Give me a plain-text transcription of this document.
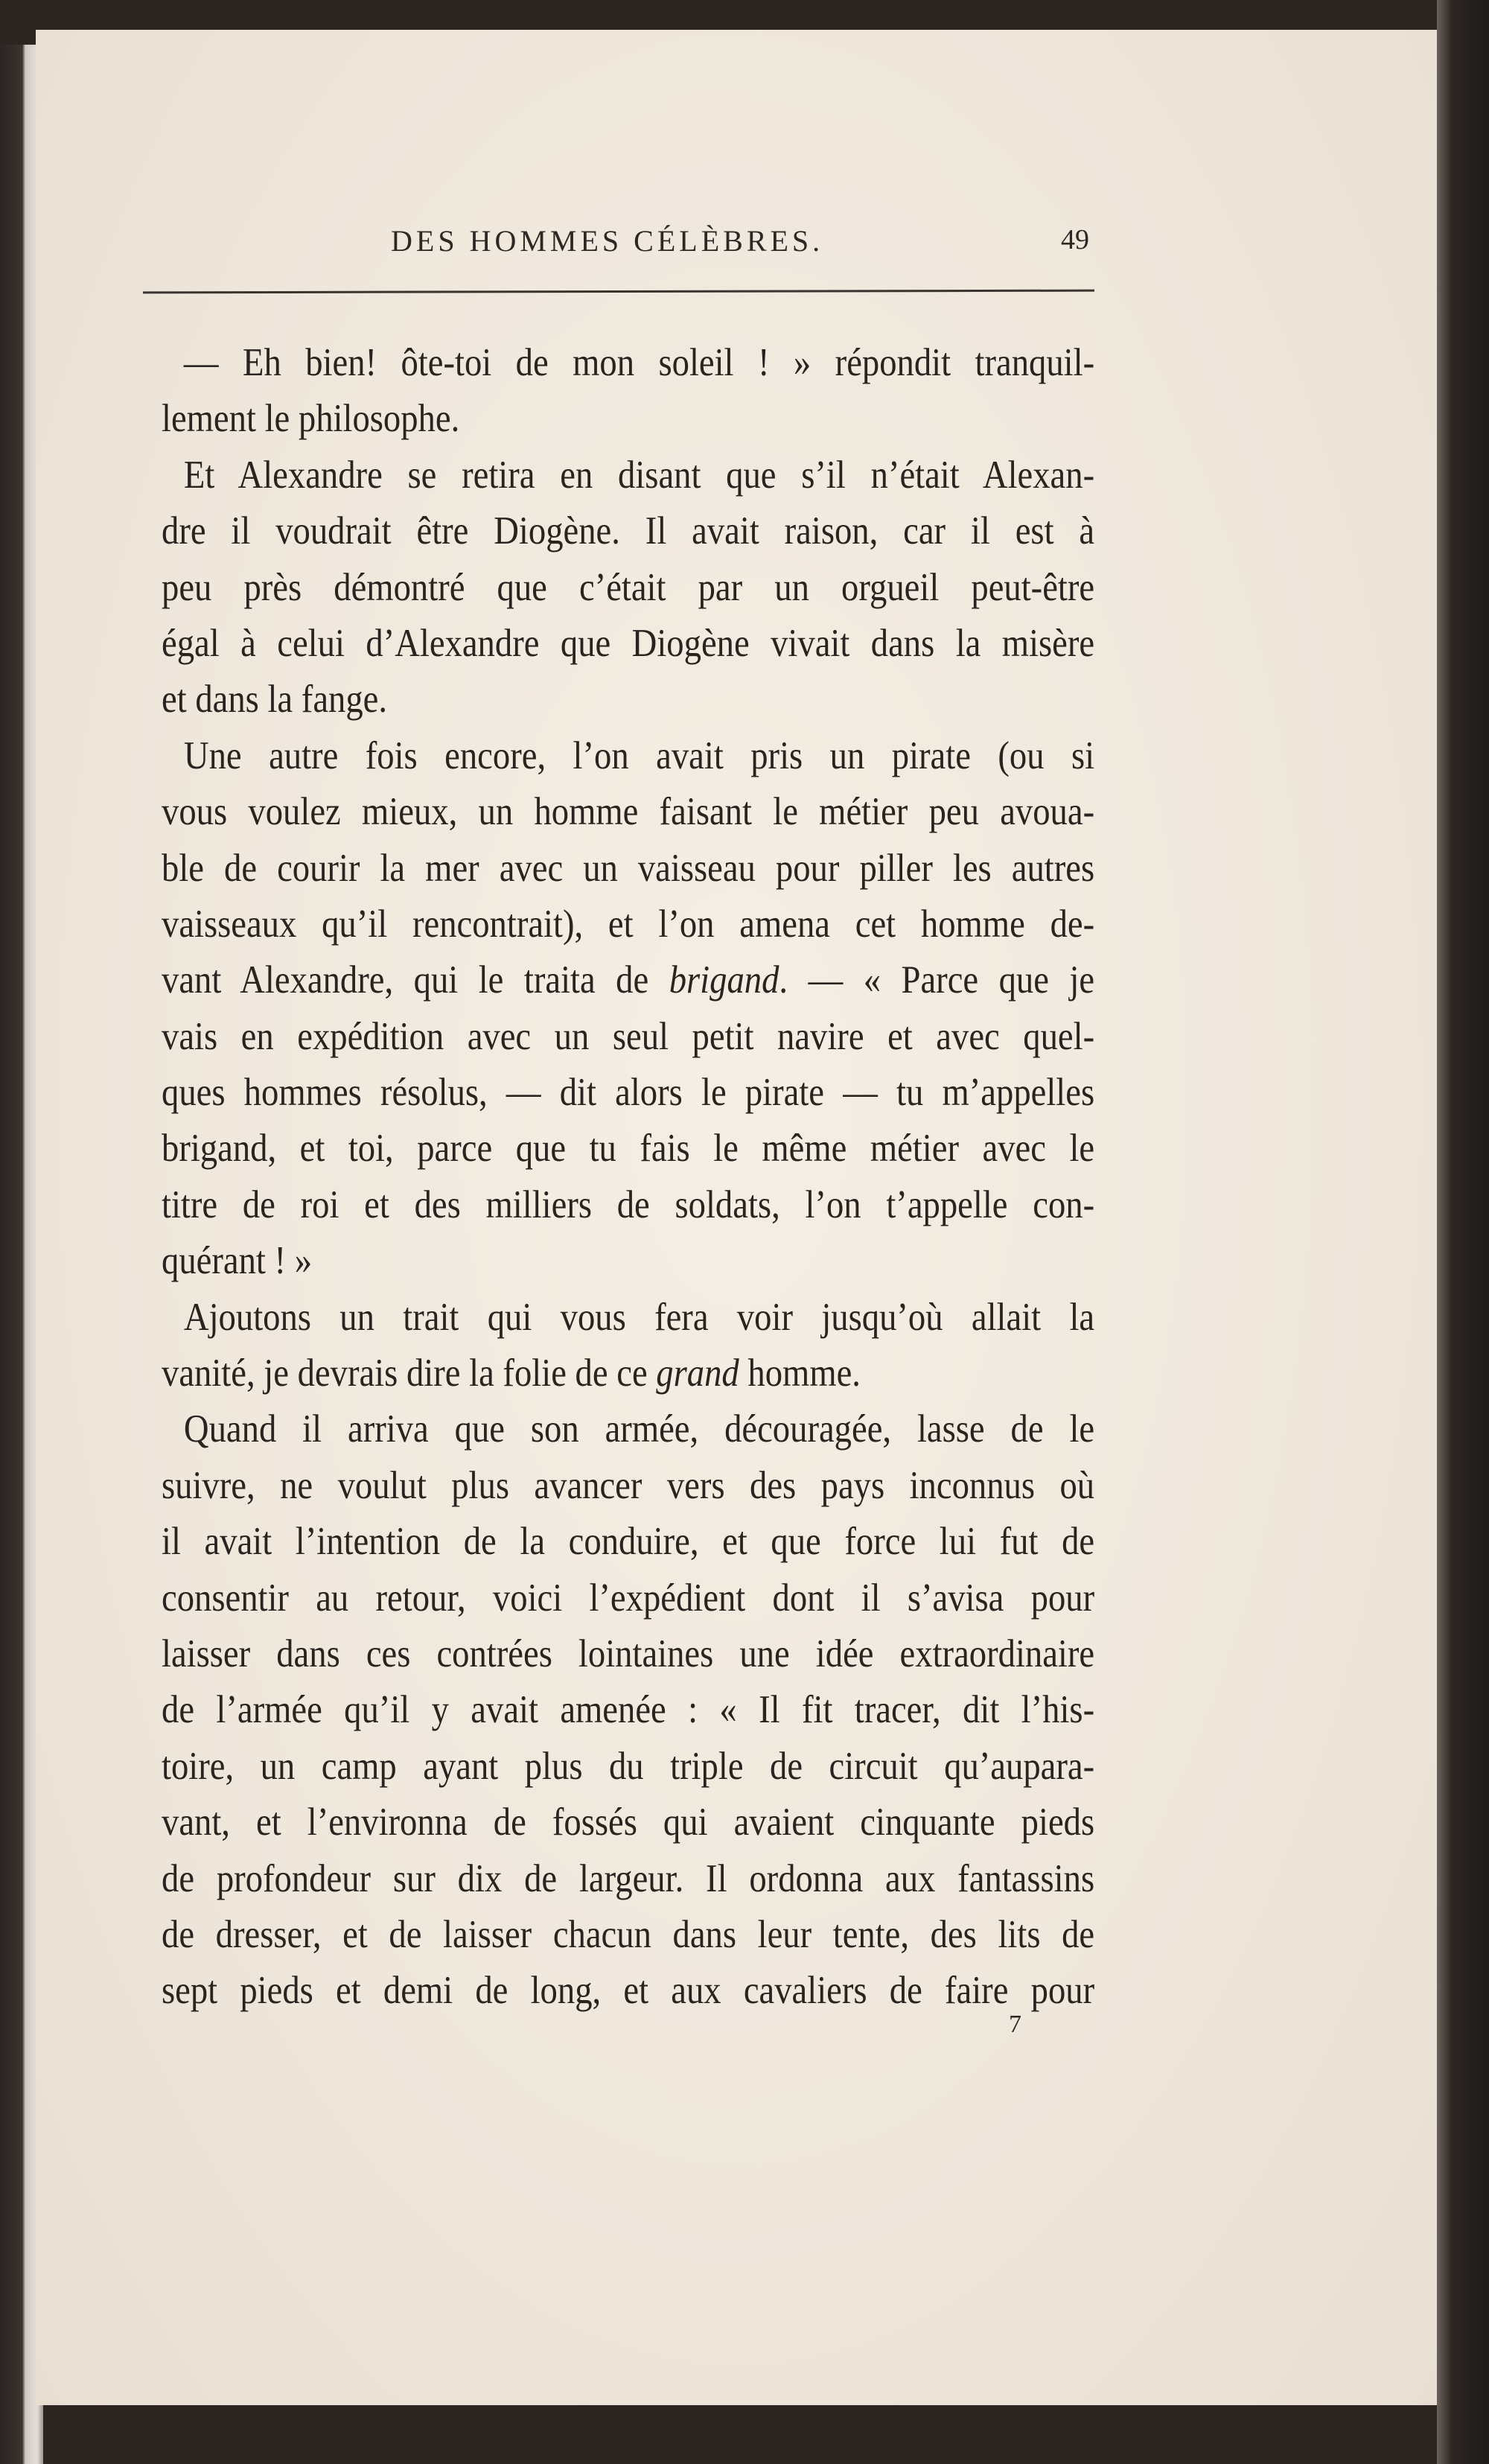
DES HOMMES CÉLÈBRES.	49
— Eh bien! ôte-toi de mon soleil ! » répondit tranquil-
lement le philosophe.
Et Alexandre se retira en disant que s’il n’était Alexan-
dre il voudrait être Diogène. Il avait raison, car il est à
peu près démontré que c’était par un orgueil peut-être
égal à celui d’Alexandre que Diogène vivait dans la misère
et dans la fange.
Une autre fois encore, l’on avait pris un pirate (ou si
vous voulez mieux, un homme faisant le métier peu avoua-
ble de courir la mer avec un vaisseau pour piller les autres
vaisseaux qu’il rencontrait), et l’on amena cet homme de-
vant Alexandre, qui le traita de brigand. — « Parce que je
vais en expédition avec un seul petit navire et avec quel-
ques hommes résolus, — dit alors le pirate — tu m’appelles
brigand, et toi, parce que tu fais le même métier avec le
titre de roi et des milliers de soldats, l’on t’appelle con-
quérant ! »
Ajoutons un trait qui vous fera voir jusqu’où allait la
vanité, je devrais dire la folie de ce grand homme.
Quand il arriva que son armée, découragée, lasse de le
suivre, ne voulut plus avancer vers des pays inconnus où
il avait l’intention de la conduire, et que force lui fut de
consentir au retour, voici l’expédient dont il s’avisa pour
laisser dans ces contrées lointaines une idée extraordinaire
de l’armée qu’il y avait amenée : « Il fit tracer, dit l’his-
toire, un camp ayant plus du triple de circuit qu’aupara-
vant, et l’environna de fossés qui avaient cinquante pieds
de profondeur sur dix de largeur. Il ordonna aux fantassins
de dresser, et de laisser chacun dans leur tente, des lits de
sept pieds et demi de long, et aux cavaliers de faire pour
7
